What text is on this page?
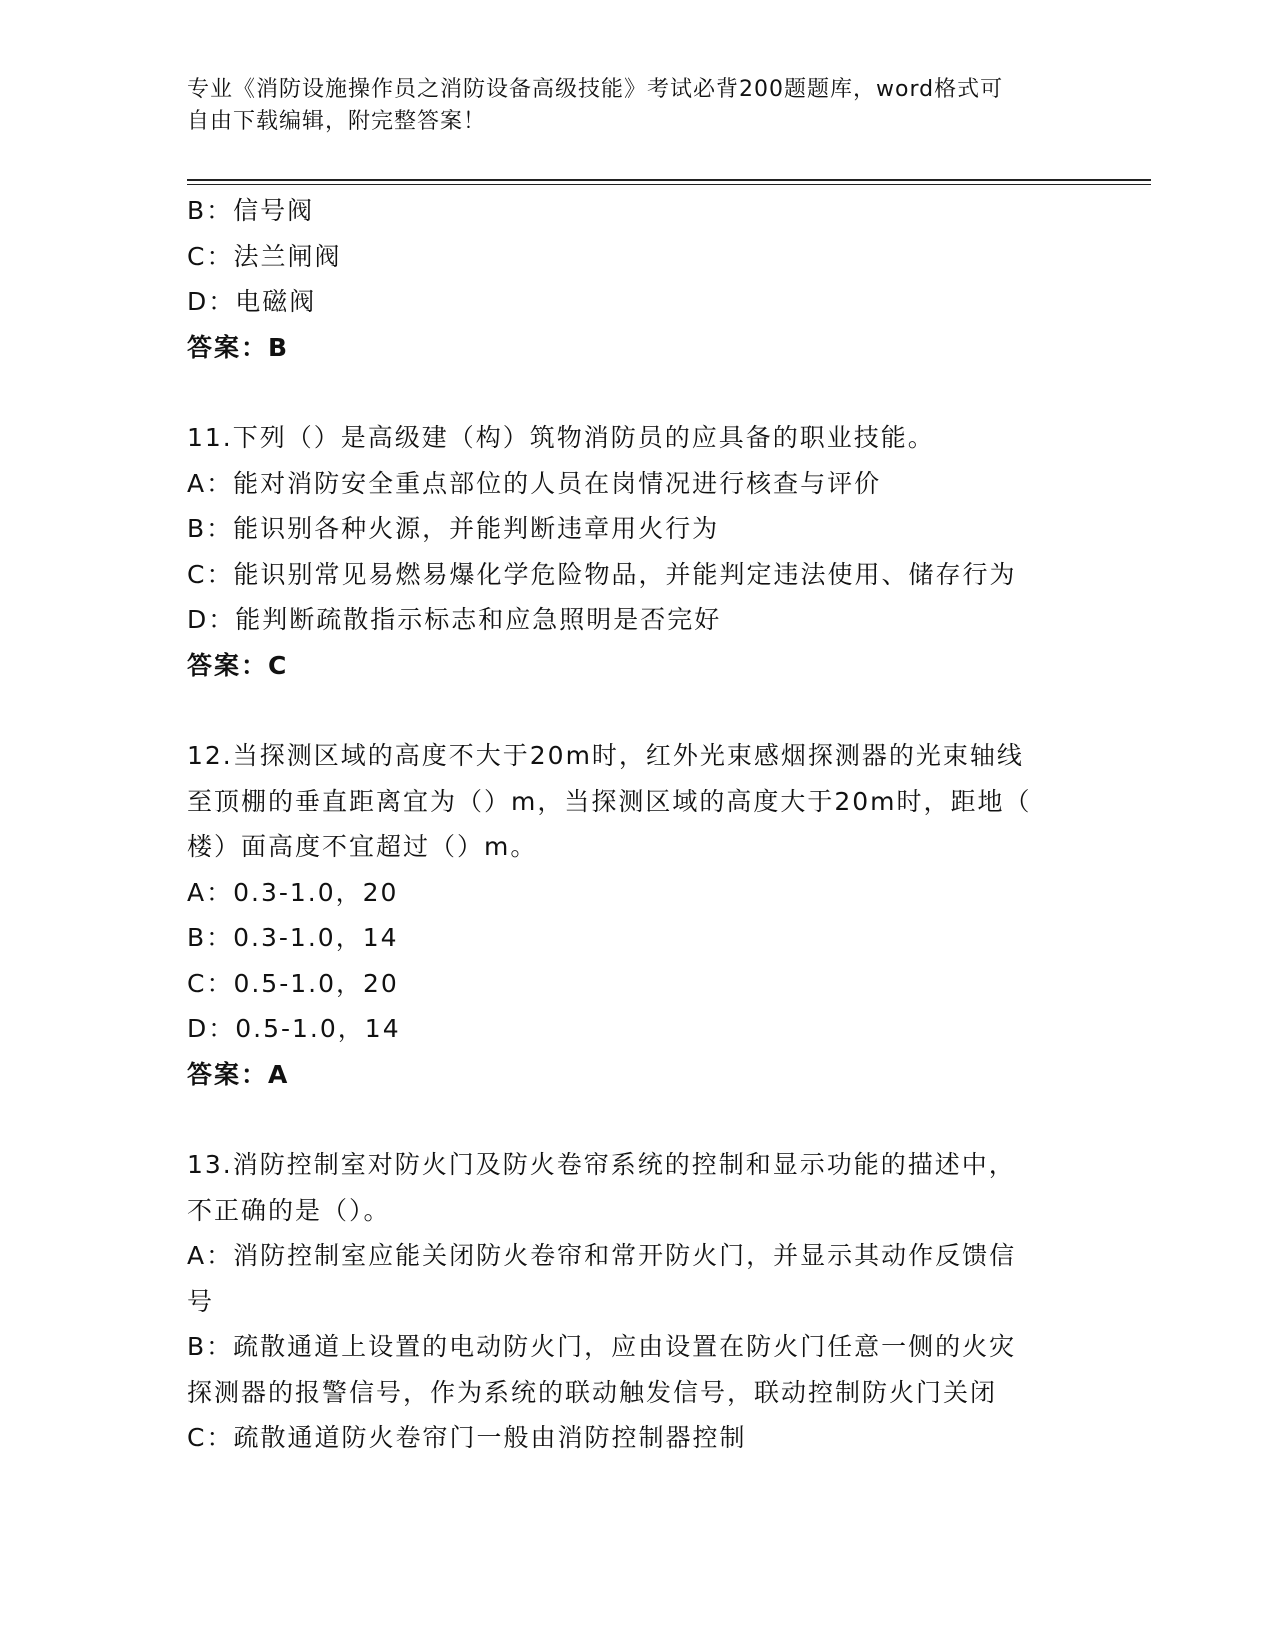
专业《消防设施操作员之消防设备高级技能》考试必背200题题库，word格式可
自由下载编辑，附完整答案！
B：信号阀
C：法兰闸阀
D：电磁阀
答案：B
11.下列（）是高级建（构）筑物消防员的应具备的职业技能。
A：能对消防安全重点部位的人员在岗情况进行核查与评价
B：能识别各种火源，并能判断违章用火行为
C：能识别常见易燃易爆化学危险物品，并能判定违法使用、储存行为
D：能判断疏散指示标志和应急照明是否完好
答案：C
12.当探测区域的高度不大于20m时，红外光束感烟探测器的光束轴线
至顶棚的垂直距离宜为（）m，当探测区域的高度大于20m时，距地（
楼）面高度不宜超过（）m。
A：0.3-1.0，20
B：0.3-1.0，14
C：0.5-1.0，20
D：0.5-1.0，14
答案：A
13.消防控制室对防火门及防火卷帘系统的控制和显示功能的描述中，
不正确的是（）。
A：消防控制室应能关闭防火卷帘和常开防火门，并显示其动作反馈信
号
B：疏散通道上设置的电动防火门，应由设置在防火门任意一侧的火灾
探测器的报警信号，作为系统的联动触发信号，联动控制防火门关闭
C：疏散通道防火卷帘门一般由消防控制器控制
